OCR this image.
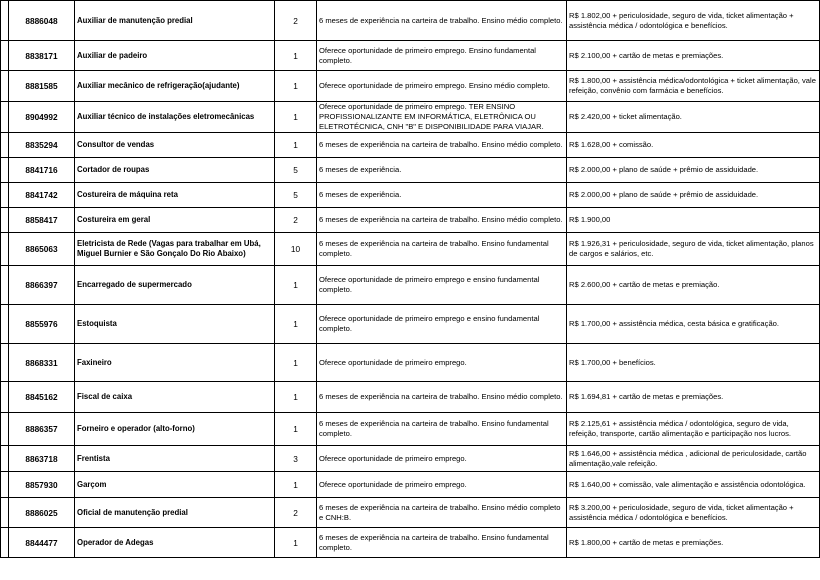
	8886048	Auxiliar de manutenção predial	2	6 meses de experiência na carteira de trabalho. Ensino médio completo.	R$ 1.802,00 + periculosidade, seguro de vida, ticket alimentação + assistência médica / odontológica e benefícios.
	8838171	Auxiliar de padeiro	1	Oferece oportunidade de primeiro emprego. Ensino fundamental completo.	R$ 2.100,00 + cartão de metas e premiações.
	8881585	Auxiliar mecânico de refrigeração(ajudante)	1	Oferece oportunidade de primeiro emprego. Ensino médio completo.	R$ 1.800,00 + assistência médica/odontológica + ticket alimentação, vale refeição, convênio com farmácia e benefícios.
	8904992	Auxiliar técnico de instalações eletromecânicas	1	Oferece oportunidade de primeiro emprego. TER ENSINO PROFISSIONALIZANTE EM INFORMÁTICA, ELETRÔNICA OU ELETROTÉCNICA, CNH "B" E DISPONIBILIDADE PARA VIAJAR.	R$ 2.420,00 + ticket alimentação.
	8835294	Consultor de vendas	1	6 meses de experiência na carteira de trabalho. Ensino médio completo.	R$ 1.628,00 + comissão.
	8841716	Cortador de roupas	5	6 meses de experiência.	R$ 2.000,00 + plano de saúde + prêmio de assiduidade.
	8841742	Costureira de máquina reta	5	6 meses de experiência.	R$ 2.000,00 + plano de saúde + prêmio de assiduidade.
	8858417	Costureira em geral	2	6 meses de experiência na carteira de trabalho. Ensino médio completo.	R$ 1.900,00
	8865063	Eletricista de Rede (Vagas para trabalhar em Ubá, Miguel Burnier e São Gonçalo Do Rio Abaixo)	10	6 meses de experiência na carteira de trabalho. Ensino fundamental completo.	R$ 1.926,31 + periculosidade, seguro de vida, ticket alimentação, planos de cargos e salários, etc.
	8866397	Encarregado de supermercado	1	Oferece oportunidade de primeiro emprego e ensino fundamental completo.	R$ 2.600,00 + cartão de metas e premiação.
	8855976	Estoquista	1	Oferece oportunidade de primeiro emprego e ensino fundamental completo.	R$ 1.700,00 + assistência médica, cesta básica e gratificação.
	8868331	Faxineiro	1	Oferece oportunidade de primeiro emprego.	R$ 1.700,00 + benefícios.
	8845162	Fiscal de caixa	1	6 meses de experiência na carteira de trabalho. Ensino médio completo.	R$ 1.694,81 + cartão de metas e premiações.
	8886357	Forneiro e operador (alto-forno)	1	6 meses de experiência na carteira de trabalho. Ensino fundamental completo.	R$ 2.125,61 + assistência médica / odontológica, seguro de vida, refeição, transporte, cartão alimentação e participação nos lucros.
	8863718	Frentista	3	Oferece oportunidade de primeiro emprego.	R$ 1.646,00 + assistência médica , adicional de periculosidade, cartão alimentação,vale refeição.
	8857930	Garçom	1	Oferece oportunidade de primeiro emprego.	R$ 1.640,00 + comissão, vale alimentação e assistência odontológica.
	8886025	Oficial de manutenção predial	2	6 meses de experiência na carteira de trabalho. Ensino médio completo e CNH:B.	R$ 3.200,00 + periculosidade, seguro de vida, ticket alimentação + assistência médica / odontológica e benefícios.
	8844477	Operador de Adegas	1	6 meses de experiência na carteira de trabalho. Ensino fundamental completo.	R$ 1.800,00 + cartão de metas e premiações.
